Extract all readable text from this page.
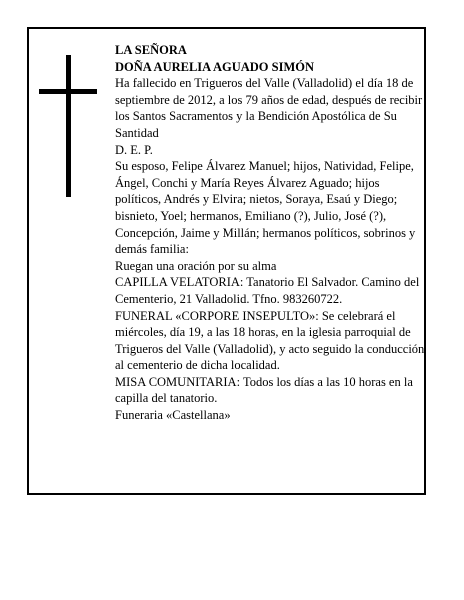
LA SEÑORA

DOÑA AURELIA AGUADO SIMÓN

Ha fallecido en Trigueros del Valle (Valladolid) el día 18 de septiembre de 2012, a los 79 años de edad, después de recibir los Santos Sacramentos y la Bendición Apostólica de Su Santidad

D. E. P.

Su esposo, Felipe Álvarez Manuel; hijos, Natividad, Felipe, Ángel, Conchi y María Reyes Álvarez Aguado; hijos políticos, Andrés y Elvira; nietos, Soraya, Esaú y Diego; bisnieto, Yoel; hermanos, Emiliano (?), Julio, José (?), Concepción, Jaime y Millán; hermanos políticos, sobrinos y demás familia:

Ruegan una oración por su alma

CAPILLA VELATORIA: Tanatorio El Salvador. Camino del Cementerio, 21 Valladolid. Tfno. 983260722.

FUNERAL «CORPORE INSEPULTO»: Se celebrará el miércoles, día 19, a las 18 horas, en la iglesia parroquial de Trigueros del Valle (Valladolid), y acto seguido la conducción al cementerio de dicha localidad.

MISA COMUNITARIA: Todos los días a las 10 horas en la capilla del tanatorio.

Funeraria «Castellana»
